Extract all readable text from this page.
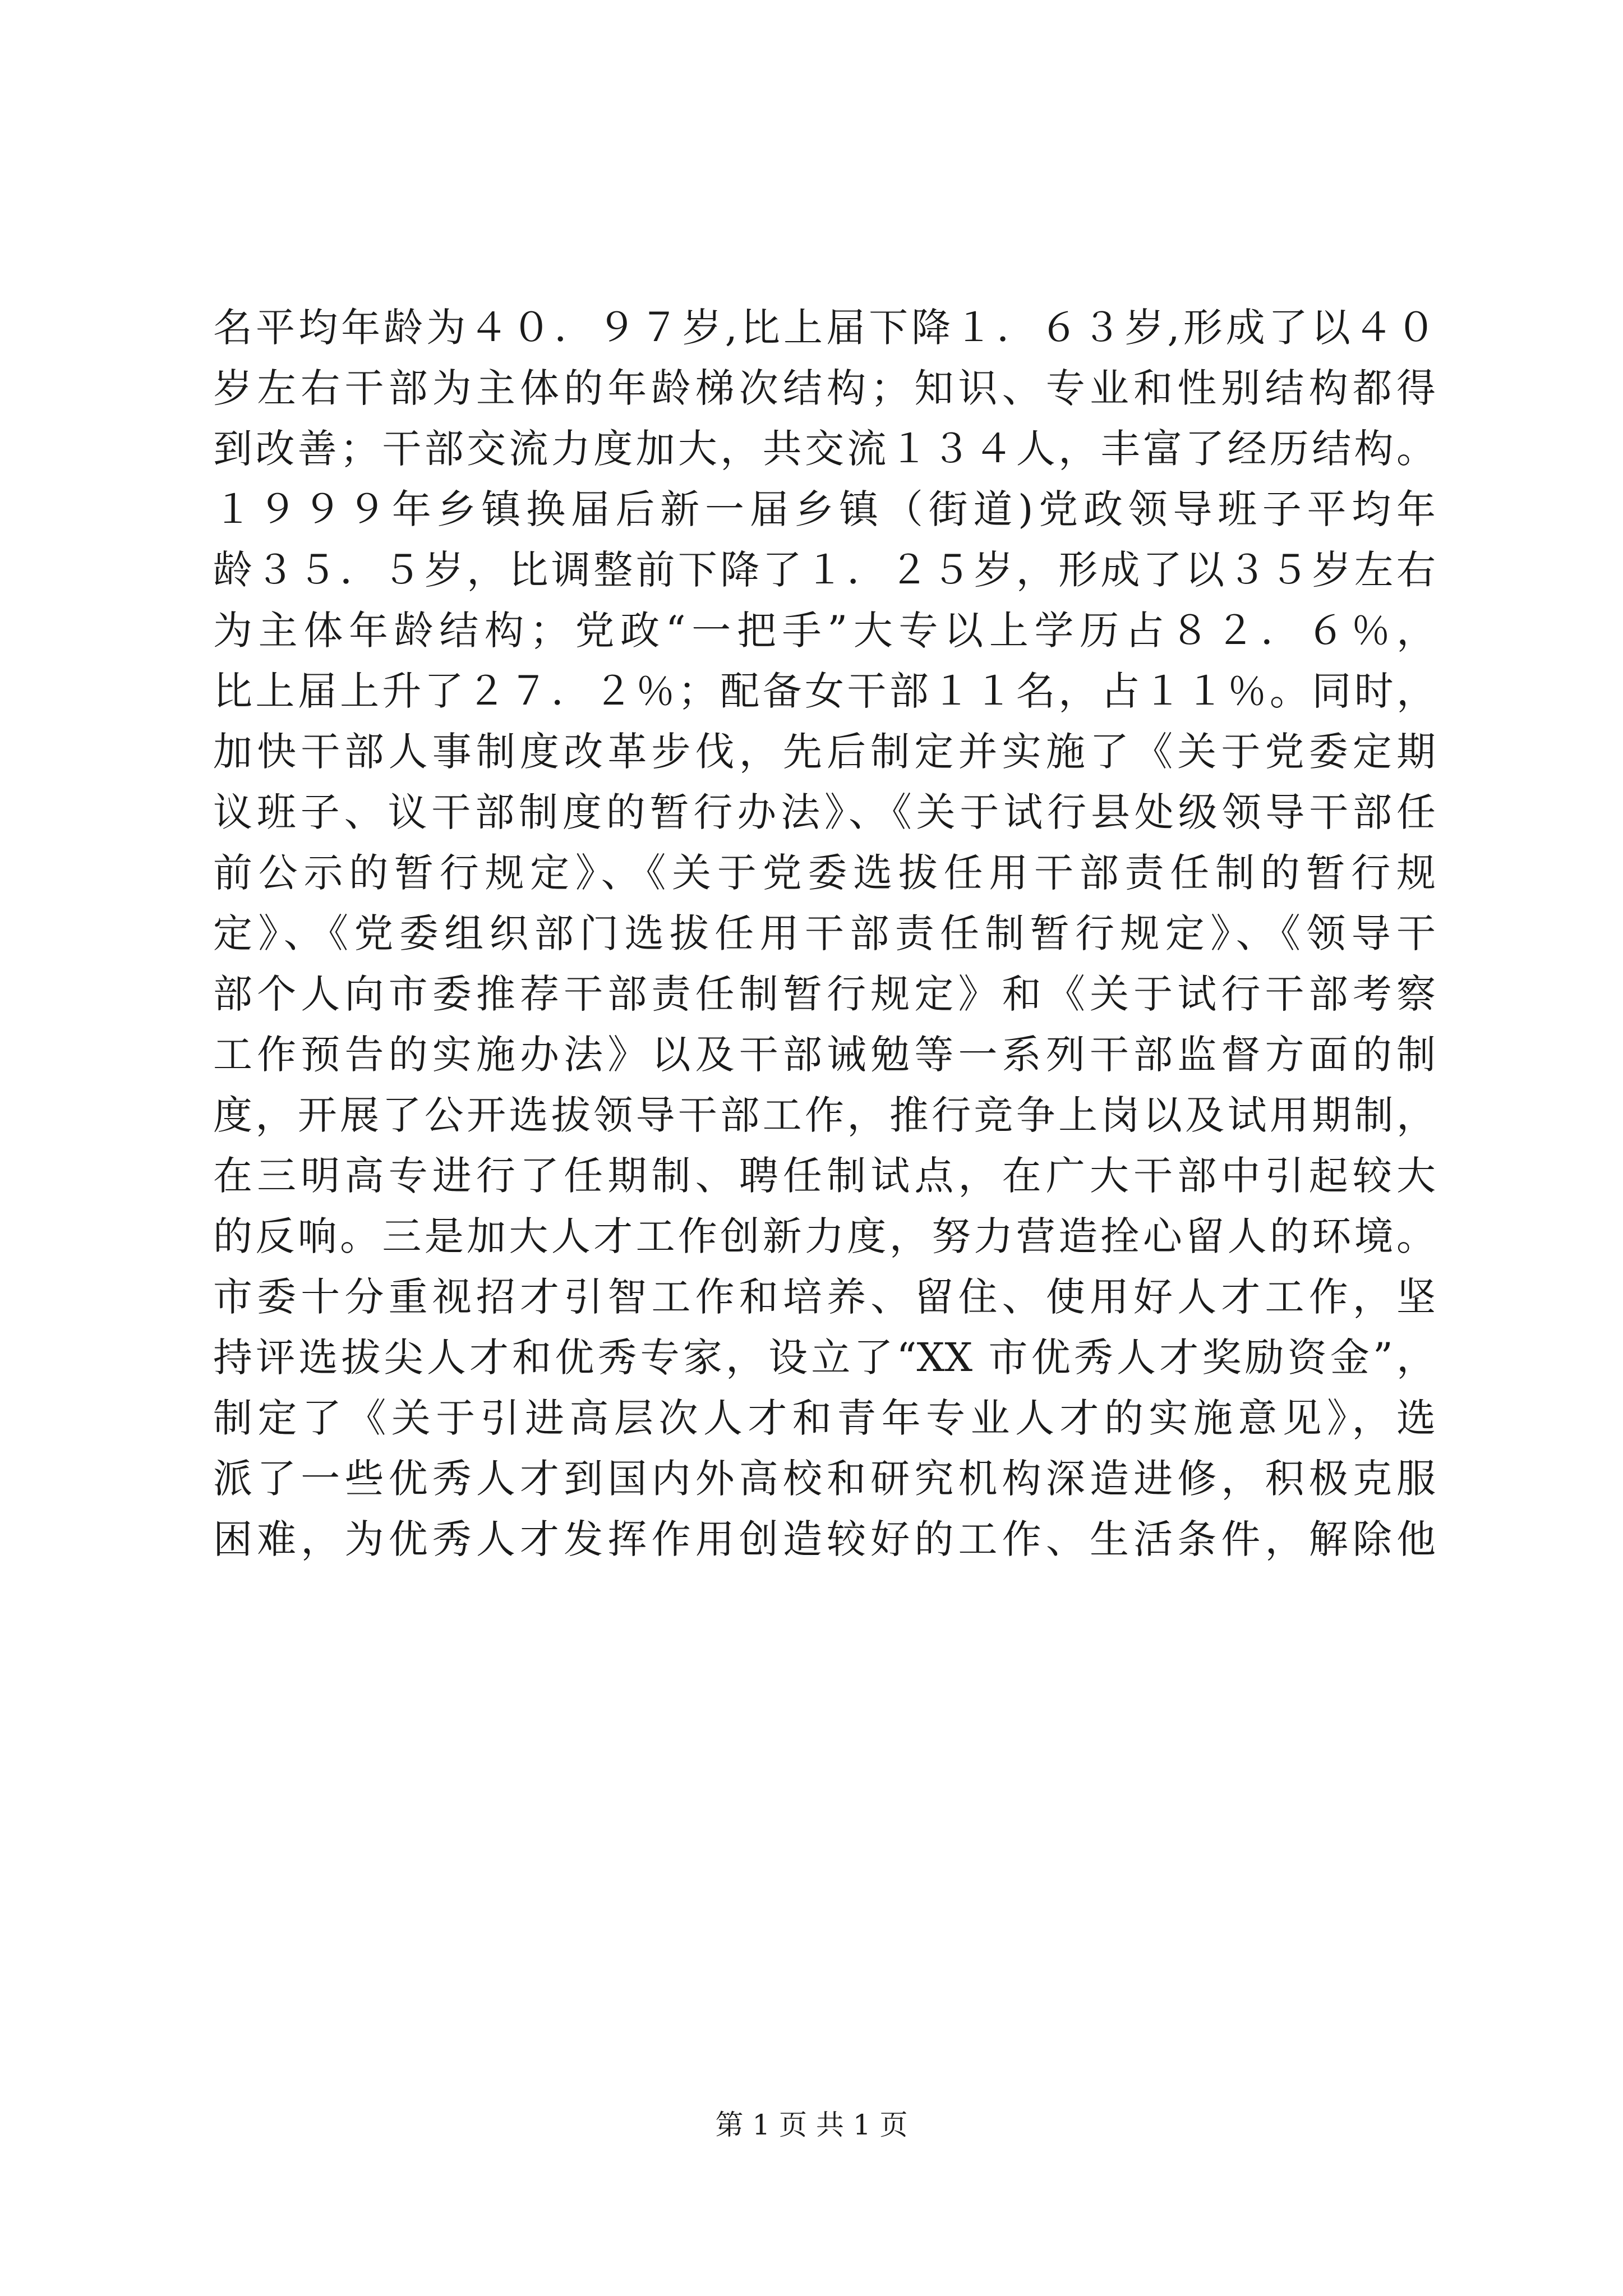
名平均年龄为４０．９７岁,比上届下降１．６３岁,形成了以４０
岁左右干部为主体的年龄梯次结构；知识、专业和性别结构都得
到改善；干部交流力度加大，共交流１３４人，丰富了经历结构。
１９９９年乡镇换届后新一届乡镇（街道)党政领导班子平均年
龄３５．５岁，比调整前下降了１．２５岁，形成了以３５岁左右
为主体年龄结构；党政“一把手”大专以上学历占８２．６％，
比上届上升了２７．２％；配备女干部１１名，占１１％。同时，
加快干部人事制度改革步伐，先后制定并实施了《关于党委定期
议班子、议干部制度的暂行办法》、《关于试行县处级领导干部任
前公示的暂行规定》、《关于党委选拔任用干部责任制的暂行规
定》、《党委组织部门选拔任用干部责任制暂行规定》、《领导干
部个人向市委推荐干部责任制暂行规定》和《关于试行干部考察
工作预告的实施办法》以及干部诫勉等一系列干部监督方面的制
度，开展了公开选拔领导干部工作，推行竞争上岗以及试用期制，
在三明高专进行了任期制、聘任制试点，在广大干部中引起较大
的反响。三是加大人才工作创新力度，努力营造拴心留人的环境。
市委十分重视招才引智工作和培养、留住、使用好人才工作，坚
持评选拔尖人才和优秀专家，设立了“XX 市优秀人才奖励资金”，
制定了《关于引进高层次人才和青年专业人才的实施意见》，选
派了一些优秀人才到国内外高校和研究机构深造进修，积极克服
困难，为优秀人才发挥作用创造较好的工作、生活条件，解除他
第 1 页 共 1 页
